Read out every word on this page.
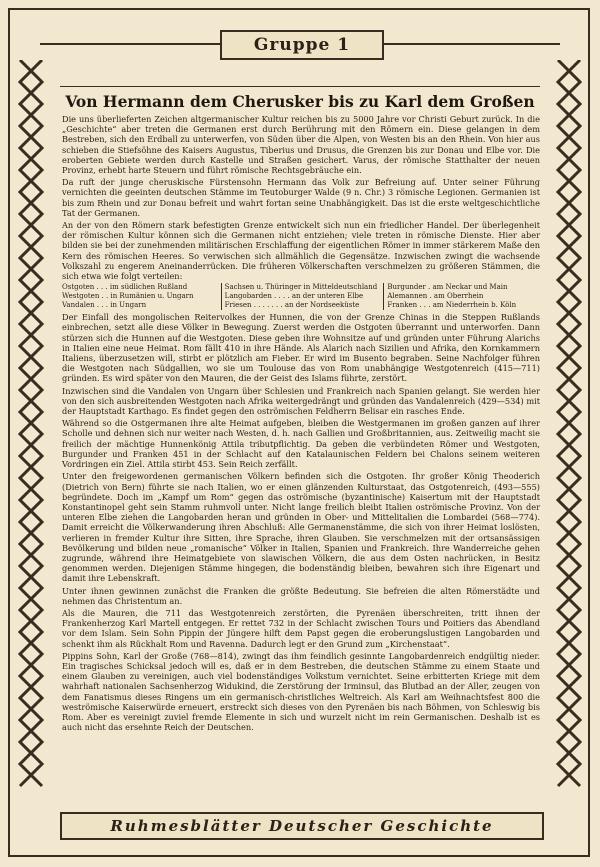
Gruppe 1
Von Hermann dem Cherusker bis zu Karl dem Großen

Die uns überlieferten Zeichen altgermanischer Kultur reichen bis zu 5000 Jahre vor Christi Geburt zurück. In die „Geschichte“ aber treten die Germanen erst durch Berührung mit den Römern ein. Diese gelangen in dem Bestreben, sich den Erdball zu unterwerfen, von Süden über die Alpen, von Westen bis an den Rhein. Von hier aus schieben die Stiefsöhne des Kaisers Augustus, Tiberius und Drusus, die Grenzen bis zur Donau und Elbe vor. Die eroberten Gebiete werden durch Kastelle und Straßen gesichert. Varus, der römische Statthalter der neuen Provinz, erhebt harte Steuern und führt römische Rechtsgebräuche ein.

Da ruft der junge cheruskische Fürstensohn Hermann das Volk zur Befreiung auf. Unter seiner Führung vernichten die geeinten deutschen Stämme im Teutoburger Walde (9 n. Chr.) 3 römische Legionen. Germanien ist bis zum Rhein und zur Donau befreit und wahrt fortan seine Unabhängigkeit. Das ist die erste weltgeschichtliche Tat der Germanen.

An der von den Römern stark befestigten Grenze entwickelt sich nun ein friedlicher Handel. Der überlegenheit der römischen Kultur können sich die Germanen nicht entziehen; viele treten in römische Dienste. Hier aber bilden sie bei der zunehmenden militärischen Erschlaffung der eigentlichen Römer in immer stärkerem Maße den Kern des römischen Heeres. So verwischen sich allmählich die Gegensätze. Inzwischen zwingt die wachsende Volkszahl zu engerem Aneinanderrücken. Die früheren Völkerschaften verschmelzen zu größeren Stämmen, die sich etwa wie folgt verteilen:

Ostgoten . . . im südlichen Rußland
Westgoten . . in Rumänien u. Ungarn
Vandalen . . . in Ungarn
Sachsen u. Thüringer in Mitteldeutschland
Langobarden . . . . an der unteren Elbe
Friesen . . . . . . . an der Nordseeküste
Burgunder . am Neckar und Main
Alemannen . am Oberrhein
Franken . . . am Niederrhein b. Köln

Der Einfall des mongolischen Reitervolkes der Hunnen, die von der Grenze Chinas in die Steppen Rußlands einbrechen, setzt alle diese Völker in Bewegung. Zuerst werden die Ostgoten überrannt und unterworfen. Dann stürzen sich die Hunnen auf die Westgoten. Diese geben ihre Wohnsitze auf und gründen unter Führung Alarichs in Italien eine neue Heimat. Rom fällt 410 in ihre Hände. Als Alarich nach Sizilien und Afrika, den Kornkammern Italiens, überzusetzen will, stirbt er plötzlich am Fieber. Er wird im Busento begraben. Seine Nachfolger führen die Westgoten nach Südgallien, wo sie um Toulouse das von Rom unabhängige Westgotenreich (415—711) gründen. Es wird später von den Mauren, die der Geist des Islams führte, zerstört.

Inzwischen sind die Vandalen von Ungarn über Schlesien und Frankreich nach Spanien gelangt. Sie werden hier von den sich ausbreitenden Westgoten nach Afrika weitergedrängt und gründen das Vandalenreich (429—534) mit der Hauptstadt Karthago. Es findet gegen den oströmischen Feldherrn Belisar ein rasches Ende.

Während so die Ostgermanen ihre alte Heimat aufgeben, bleiben die Westgermanen im großen ganzen auf ihrer Scholle und dehnen sich nur weiter nach Westen, d. h. nach Gallien und Großbritannien, aus. Zeitweilig macht sie freilich der mächtige Hunnenkönig Attila tributpflichtig. Da geben die verbündeten Römer und Westgoten, Burgunder und Franken 451 in der Schlacht auf den Katalaunischen Feldern bei Chalons seinem weiteren Vordringen ein Ziel. Attila stirbt 453. Sein Reich zerfällt.

Unter den freigewordenen germanischen Völkern befinden sich die Ostgoten. Ihr großer König Theoderich (Dietrich von Bern) führte sie nach Italien, wo er einen glänzenden Kulturstaat, das Ostgotenreich, (493—555) begründete. Doch im „Kampf um Rom“ gegen das oströmische (byzantinische) Kaisertum mit der Hauptstadt Konstantinopel geht sein Stamm ruhmvoll unter. Nicht lange freilich bleibt Italien oströmische Provinz. Von der unteren Elbe ziehen die Langobarden heran und gründen in Ober- und Mittelitalien die Lombardei (568—774). Damit erreicht die Völkerwanderung ihren Abschluß: Alle Germanenstämme, die sich von ihrer Heimat loslösten, verlieren in fremder Kultur ihre Sitten, ihre Sprache, ihren Glauben. Sie verschmelzen mit der ortsansässigen Bevölkerung und bilden neue „romanische“ Völker in Italien, Spanien und Frankreich. Ihre Wanderreiche gehen zugrunde, während ihre Heimatgebiete von slawischen Völkern, die aus dem Osten nachrücken, in Besitz genommen werden. Diejenigen Stämme hingegen, die bodenständig bleiben, bewahren sich ihre Eigenart und damit ihre Lebenskraft.

Unter ihnen gewinnen zunächst die Franken die größte Bedeutung. Sie befreien die alten Römerstädte und nehmen das Christentum an.

Als die Mauren, die 711 das Westgotenreich zerstörten, die Pyrenäen überschreiten, tritt ihnen der Frankenherzog Karl Martell entgegen. Er rettet 732 in der Schlacht zwischen Tours und Poitiers das Abendland vor dem Islam. Sein Sohn Pippin der Jüngere hilft dem Papst gegen die eroberungslustigen Langobarden und schenkt ihm als Rückhalt Rom und Ravenna. Dadurch legt er den Grund zum „Kirchenstaat“.

Pippins Sohn, Karl der Große (768—814), zwingt das ihm feindlich gesinnte Langobardenreich endgültig nieder. Ein tragisches Schicksal jedoch will es, daß er in dem Bestreben, die deutschen Stämme zu einem Staate und einem Glauben zu vereinigen, auch viel bodenständiges Volkstum vernichtet. Seine erbitterten Kriege mit dem wahrhaft nationalen Sachsenherzog Widukind, die Zerstörung der Irminsul, das Blutbad an der Aller, zeugen von dem Fanatismus dieses Ringens um ein germanisch-christliches Weltreich. Als Karl am Weihnachtsfest 800 die weströmische Kaiserwürde erneuert, erstreckt sich dieses von den Pyrenäen bis nach Böhmen, von Schleswig bis Rom. Aber es vereinigt zuviel fremde Elemente in sich und wurzelt nicht im rein Germanischen. Deshalb ist es auch nicht das ersehnte Reich der Deutschen.

Ruhmesblätter Deutscher Geschichte
